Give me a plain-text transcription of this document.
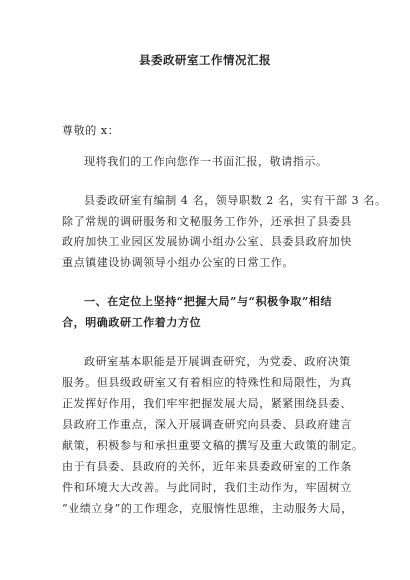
县委政研室工作情况汇报
尊敬的 x：
现将我们的工作向您作一书面汇报，敬请指示。
县委政研室有编制 4 名，领导职数 2 名，实有干部 3 名。
除了常规的调研服务和文秘服务工作外，还承担了县委县
政府加快工业园区发展协调小组办公室、县委县政府加快
重点镇建设协调领导小组办公室的日常工作。
一、在定位上坚持“把握大局”与“积极争取”相结
合，明确政研工作着力方位
政研室基本职能是开展调查研究，为党委、政府决策
服务。但县级政研室又有着相应的特殊性和局限性，为真
正发挥好作用，我们牢牢把握发展大局，紧紧围绕县委、
县政府工作重点，深入开展调查研究向县委、县政府建言
献策，积极参与和承担重要文稿的撰写及重大政策的制定。
由于有县委、县政府的关怀，近年来县委政研室的工作条
件和环境大大改善。与此同时，我们主动作为，牢固树立
“业绩立身”的工作理念，克服惰性思维，主动服务大局，
